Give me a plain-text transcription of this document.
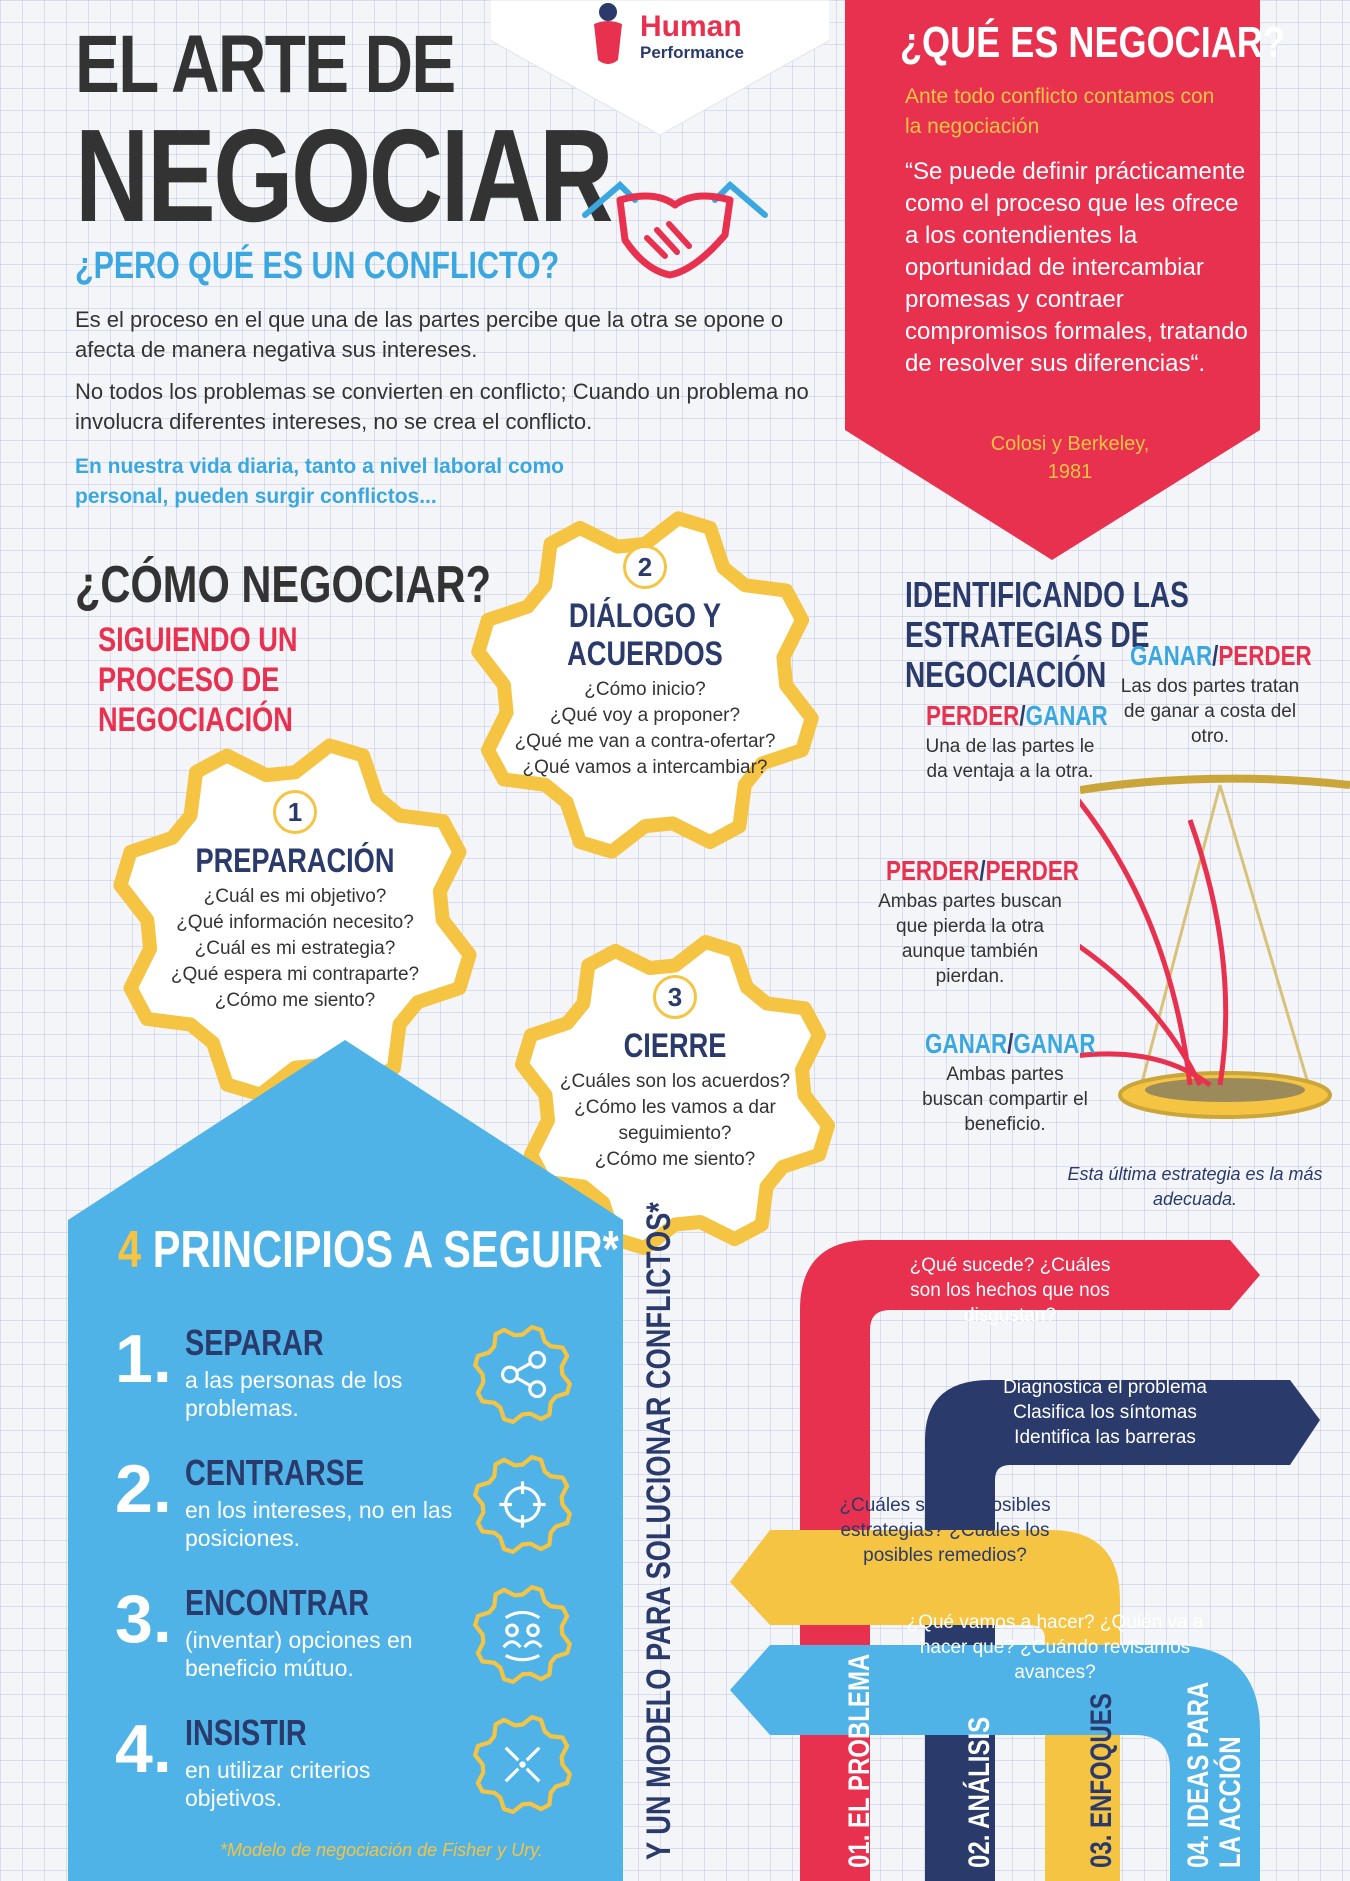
Human
Performance
EL ARTE DE
NEGOCIAR
¿PERO QUÉ ES UN CONFLICTO?
Es el proceso en el que una de las partes percibe que la otra se opone o afecta de manera negativa sus intereses.
No todos los problemas se convierten en conflicto; Cuando un problema no involucra diferentes intereses, no se crea el conflicto.
En nuestra vida diaria, tanto a nivel laboral como personal, pueden surgir conflictos...
¿QUÉ ES NEGOCIAR?
Ante todo conflicto contamos con la negociación
“Se puede definir prácticamente como el proceso que les ofrece a los contendientes la oportunidad de intercambiar promesas y contraer compromisos formales, tratando de resolver sus diferencias“.
Colosi y Berkeley,
1981
¿CÓMO NEGOCIAR?
SIGUIENDO UN PROCESO DE NEGOCIACIÓN
1
PREPARACIÓN
¿Cuál es mi objetivo?
¿Qué información necesito?
¿Cuál es mi estrategia?
¿Qué espera mi contraparte?
¿Cómo me siento?
2
DIÁLOGO Y ACUERDOS
¿Cómo inicio?
¿Qué voy a proponer?
¿Qué me van a contra-ofertar?
¿Qué vamos a intercambiar?
3
CIERRE
¿Cuáles son los acuerdos?
¿Cómo les vamos a dar seguimiento?
¿Cómo me siento?
IDENTIFICANDO LAS ESTRATEGIAS DE NEGOCIACIÓN GANAR/PERDER
Las dos partes tratan de ganar a costa del otro.
PERDER/GANAR
Una de las partes le da ventaja a la otra.
PERDER/PERDER
Ambas partes buscan que pierda la otra aunque también pierdan.
GANAR/GANAR
Ambas partes buscan compartir el beneficio.
Esta última estrategia es la más adecuada.
4 PRINCIPIOS A SEGUIR*
1. SEPARAR
a las personas de los problemas.
2. CENTRARSE
en los intereses, no en las posiciones.
3. ENCONTRAR
(inventar) opciones en beneficio mútuo.
4. INSISTIR
en utilizar criterios objetivos.
*Modelo de negociación de Fisher y Ury.	Y UN MODELO PARA SOLUCIONAR CONFLICTOS*	¿Qué sucede? ¿Cuáles son los hechos que nos disgustan?
Diagnostica el problema Clasifica los síntomas Identifica las barreras
¿Cuáles son las posibles estrategias? ¿Cuáles los posibles remedios?
¿Qué vamos a hacer? ¿Quién va a hacer qué? ¿Cuándo revisamos avances?
01. EL PROBLEMA	02. ANÁLISIS	03. ENFOQUES 04. IDEAS PARA LA ACCIÓN
